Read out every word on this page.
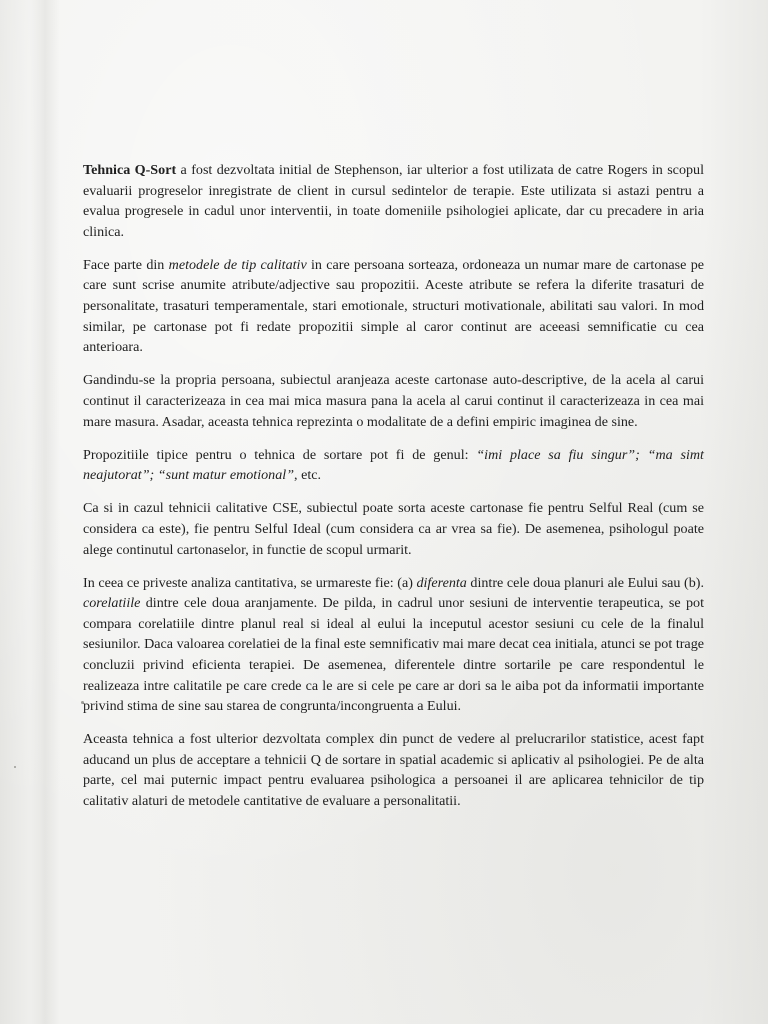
Tehnica Q-Sort a fost dezvoltata initial de Stephenson, iar ulterior a fost utilizata de catre Rogers in scopul evaluarii progreselor inregistrate de client in cursul sedintelor de terapie. Este utilizata si astazi pentru a evalua progresele in cadul unor interventii, in toate domeniile psihologiei aplicate, dar cu precadere in aria clinica.

Face parte din metodele de tip calitativ in care persoana sorteaza, ordoneaza un numar mare de cartonase pe care sunt scrise anumite atribute/adjective sau propozitii. Aceste atribute se refera la diferite trasaturi de personalitate, trasaturi temperamentale, stari emotionale, structuri motivationale, abilitati sau valori. In mod similar, pe cartonase pot fi redate propozitii simple al caror continut are aceeasi semnificatie cu cea anterioara.

Gandindu-se la propria persoana, subiectul aranjeaza aceste cartonase auto-descriptive, de la acela al carui continut il caracterizeaza in cea mai mica masura pana la acela al carui continut il caracterizeaza in cea mai mare masura. Asadar, aceasta tehnica reprezinta o modalitate de a defini empiric imaginea de sine.

Propozitiile tipice pentru o tehnica de sortare pot fi de genul: “imi place sa fiu singur”; “ma simt neajutorat”; “sunt matur emotional”, etc.

Ca si in cazul tehnicii calitative CSE, subiectul poate sorta aceste cartonase fie pentru Selful Real (cum se considera ca este), fie pentru Selful Ideal (cum considera ca ar vrea sa fie). De asemenea, psihologul poate alege continutul cartonaselor, in functie de scopul urmarit.

In ceea ce priveste analiza cantitativa, se urmareste fie: (a) diferenta dintre cele doua planuri ale Eului sau (b). corelatiile dintre cele doua aranjamente. De pilda, in cadrul unor sesiuni de interventie terapeutica, se pot compara corelatiile dintre planul real si ideal al eului la inceputul acestor sesiuni cu cele de la finalul sesiunilor. Daca valoarea corelatiei de la final este semnificativ mai mare decat cea initiala, atunci se pot trage concluzii privind eficienta terapiei. De asemenea, diferentele dintre sortarile pe care respondentul le realizeaza intre calitatile pe care crede ca le are si cele pe care ar dori sa le aiba pot da informatii importante privind stima de sine sau starea de congrunta/incongruenta a Eului.

Aceasta tehnica a fost ulterior dezvoltata complex din punct de vedere al prelucrarilor statistice, acest fapt aducand un plus de acceptare a tehnicii Q de sortare in spatial academic si aplicativ al psihologiei. Pe de alta parte, cel mai puternic impact pentru evaluarea psihologica a persoanei il are aplicarea tehnicilor de tip calitativ alaturi de metodele cantitative de evaluare a personalitatii.
